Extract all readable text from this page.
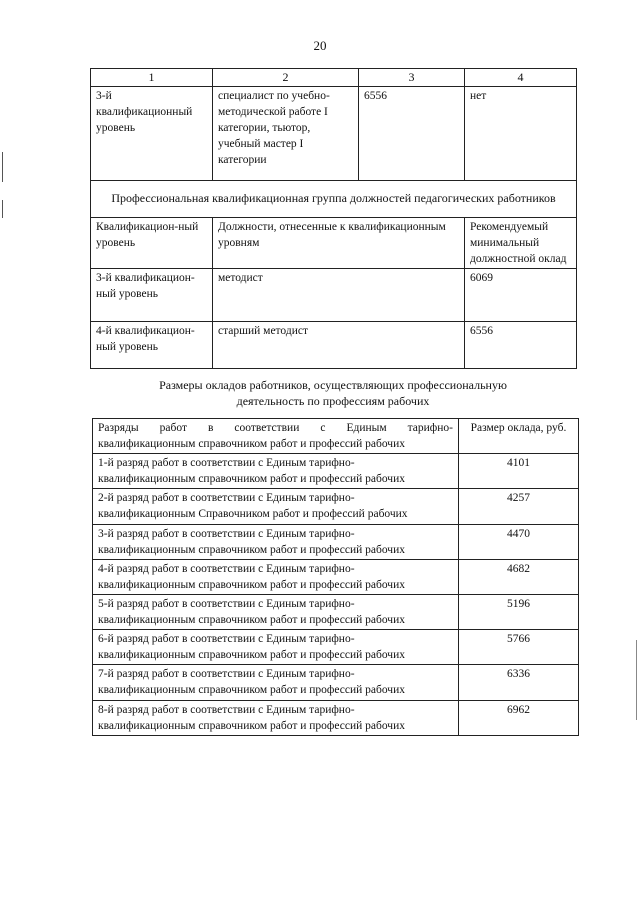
20
1	2	3	4
3-й квалификационный уровень	специалист по учебно-методической работе I категории, тьютор, учебный мастер I категории	6556	нет
Профессиональная квалификационная группа должностей педагогических работников			
Квалификацион-ный уровень	Должности, отнесенные к квалификационным уровням		Рекомендуемый минимальный должностной оклад
3-й квалификацион-ный уровень	методист		6069
4-й квалификацион-ный уровень	старший методист		6556
Размеры окладов работников, осуществляющих профессиональную
деятельность по профессиям рабочих
Разряды работ в соответствии с Единым тарифно-
квалификационным справочником работ и профессий рабочих	Размер оклада, руб.

1-й разряд работ в соответствии с Единым тарифно-
квалификационным справочником работ и профессий рабочих	4101

2-й разряд работ в соответствии с Единым тарифно-
квалификационным Справочником работ и профессий рабочих	4257

3-й разряд работ в соответствии с Единым тарифно-
квалификационным справочником работ и профессий рабочих	4470

4-й разряд работ в соответствии с Единым тарифно-
квалификационным справочником работ и профессий рабочих	4682

5-й разряд работ в соответствии с Единым тарифно-
квалификационным справочником работ и профессий рабочих	5196

6-й разряд работ в соответствии с Единым тарифно-
квалификационным справочником работ и профессий рабочих	5766

7-й разряд работ в соответствии с Единым тарифно-
квалификационным справочником работ и профессий рабочих	6336

8-й разряд работ в соответствии с Единым тарифно-
квалификационным справочником работ и профессий рабочих	6962
